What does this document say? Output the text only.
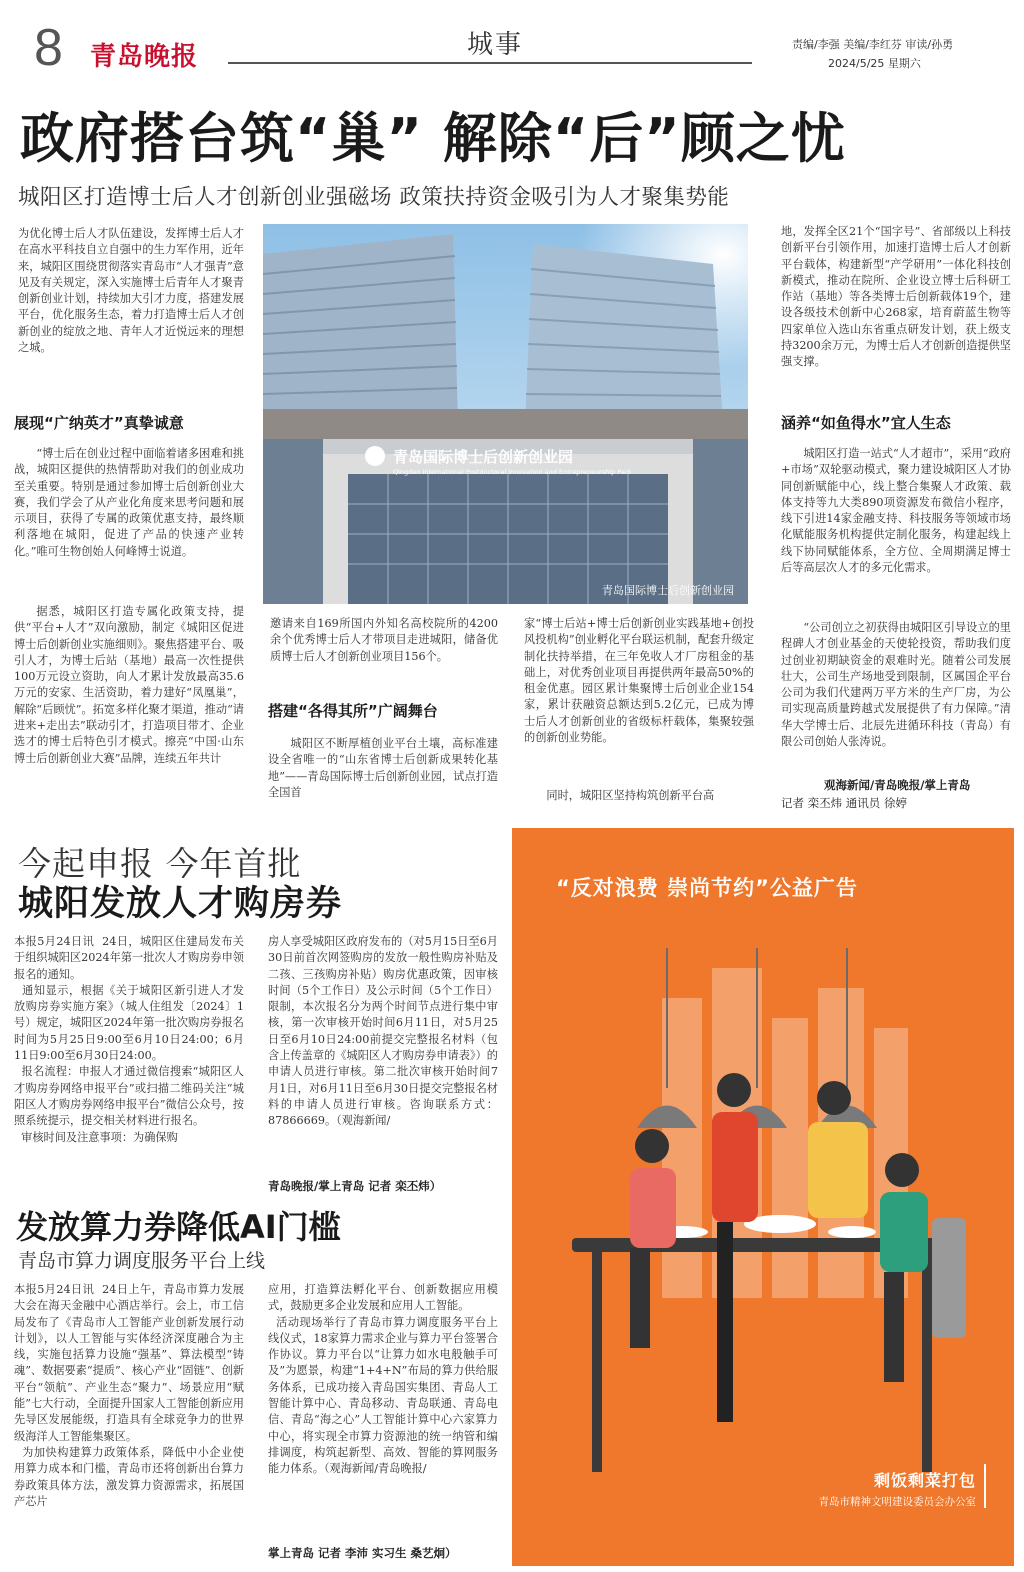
8 青岛晚报	城事	责编/李强 美编/李红芬 审读/孙勇
2024/5/25 星期六
政府搭台筑“巢” 解除“后”顾之忧
城阳区打造博士后人才创新创业强磁场 政策扶持资金吸引为人才聚集势能
为优化博士后人才队伍建设，发挥博士后人才在高水平科技自立自强中的生力军作用，近年来，城阳区围绕贯彻落实青岛市“人才强青”意见及有关规定，深入实施博士后青年人才聚青创新创业计划，持续加大引才力度，搭建发展平台，优化服务生态，着力打造博士后人才创新创业的绽放之地、青年人才近悦远来的理想之城。
展现“广纳英才”真挚诚意
“博士后在创业过程中面临着诸多困难和挑战，城阳区提供的热情帮助对我们的创业成功至关重要。特别是通过参加博士后创新创业大赛，我们学会了从产业化角度来思考问题和展示项目，获得了专属的政策优惠支持，最终顺利落地在城阳，促进了产品的快速产业转化。”唯可生物创始人何峰博士说道。
据悉，城阳区打造专属化政策支持，提供“平台+人才”双向激励，制定《城阳区促进博士后创新创业实施细则》。聚焦搭建平台、吸引人才，为博士后站（基地）最高一次性提供100万元设立资助，向人才累计发放最高35.6万元的安家、生活资助，着力建好“凤凰巢”，解除“后顾忧”。拓宽多样化聚才渠道，推动“请进来+走出去”联动引才，打造项目带才、企业选才的博士后特色引才模式。擦亮“中国·山东博士后创新创业大赛”品牌，连续五年共计
青岛国际博士后创新创业园
Qingdao International Postdoctoral Innovation and Entrepreneurship Park
青岛国际博士后创新创业园
邀请来自169所国内外知名高校院所的4200余个优秀博士后人才带项目走进城阳，储备优质博士后人才创新创业项目156个。
搭建“各得其所”广阔舞台
城阳区不断厚植创业平台土壤，高标准建设全省唯一的“山东省博士后创新成果转化基地”——青岛国际博士后创新创业园，试点打造全国首
家“博士后站+博士后创新创业实践基地+创投风投机构”创业孵化平台联运机制，配套升级定制化扶持举措，在三年免收人才厂房租金的基础上，对优秀创业项目再提供两年最高50%的租金优惠。园区累计集聚博士后创业企业154家，累计获融资总额达到5.2亿元，已成为博士后人才创新创业的省级标杆载体，集聚较强的创新创业势能。
同时，城阳区坚持构筑创新平台高
地，发挥全区21个“国字号”、省部级以上科技创新平台引领作用，加速打造博士后人才创新平台载体，构建新型“产学研用”一体化科技创新模式，推动在院所、企业设立博士后科研工作站（基地）等各类博士后创新载体19个，建设各级技术创新中心268家，培育蔚蓝生物等四家单位入选山东省重点研发计划，获上级支持3200余万元，为博士后人才创新创造提供坚强支撑。
涵养“如鱼得水”宜人生态
城阳区打造一站式“人才超市”，采用“政府+市场”双轮驱动模式，聚力建设城阳区人才协同创新赋能中心，线上整合集聚人才政策、载体支持等九大类890项资源发布微信小程序，线下引进14家金融支持、科技服务等领域市场化赋能服务机构提供定制化服务，构建起线上线下协同赋能体系，全方位、全周期满足博士后等高层次人才的多元化需求。
“公司创立之初获得由城阳区引导设立的里程碑人才创业基金的天使轮投资，帮助我们度过创业初期缺资金的艰难时光。随着公司发展壮大，公司生产场地受到限制，区属国企平台公司为我们代建两万平方米的生产厂房，为公司实现高质量跨越式发展提供了有力保障。”清华大学博士后、北辰先进循环科技（青岛）有限公司创始人张涛说。
观海新闻/青岛晚报/掌上青岛
记者 栾丕炜 通讯员 徐婷
今起申报 今年首批
城阳发放人才购房券
本报5月24日讯  24日，城阳区住建局发布关于组织城阳区2024年第一批次人才购房券申领报名的通知。
通知显示，根据《关于城阳区新引进人才发放购房券实施方案》（城人住组发〔2024〕1号）规定，城阳区2024年第一批次购房券报名时间为5月25日9:00至6月10日24:00；6月11日9:00至6月30日24:00。
报名流程：申报人才通过微信搜索“城阳区人才购房券网络申报平台”或扫描二维码关注“城阳区人才购房券网络申报平台”微信公众号，按照系统提示，提交相关材料进行报名。
审核时间及注意事项：为确保购
房人享受城阳区政府发布的（对5月15日至6月30日前首次网签购房的发放一般性购房补贴及二孩、三孩购房补贴）购房优惠政策，因审核时间（5个工作日）及公示时间（5个工作日）限制，本次报名分为两个时间节点进行集中审核，第一次审核开始时间6月11日，对5月25日至6月10日24:00前提交完整报名材料（包含上传盖章的《城阳区人才购房券申请表》）的申请人员进行审核。第二批次审核开始时间7月1日，对6月11日至6月30日提交完整报名材料的申请人员进行审核。咨询联系方式：87866669。（观海新闻/
青岛晚报/掌上青岛 记者 栾丕炜）
发放算力券降低AI门槛
青岛市算力调度服务平台上线
本报5月24日讯  24日上午，青岛市算力发展大会在海天金融中心酒店举行。会上，市工信局发布了《青岛市人工智能产业创新发展行动计划》，以人工智能与实体经济深度融合为主线，实施包括算力设施“强基”、算法模型“铸魂”、数据要素“提质”、核心产业“固链”、创新平台“领航”、产业生态“聚力”、场景应用“赋能”七大行动，全面提升国家人工智能创新应用先导区发展能级，打造具有全球竞争力的世界级海洋人工智能集聚区。
为加快构建算力政策体系，降低中小企业使用算力成本和门槛，青岛市还将创新出台算力券政策具体方法，激发算力资源需求，拓展国产芯片
应用，打造算法孵化平台、创新数据应用模式，鼓励更多企业发展和应用人工智能。
活动现场举行了青岛市算力调度服务平台上线仪式，18家算力需求企业与算力平台签署合作协议。算力平台以“让算力如水电般触手可及”为愿景，构建“1+4+N”布局的算力供给服务体系，已成功接入青岛国实集团、青岛人工智能计算中心、青岛移动、青岛联通、青岛电信、青岛“海之心”人工智能计算中心六家算力中心，将实现全市算力资源池的统一纳管和编排调度，构筑起新型、高效、智能的算网服务能力体系。（观海新闻/青岛晚报/
掌上青岛 记者 李沛 实习生 桑艺炯）
“反对浪费 崇尚节约”公益广告
剩饭剩菜打包
青岛市精神文明建设委员会办公室
